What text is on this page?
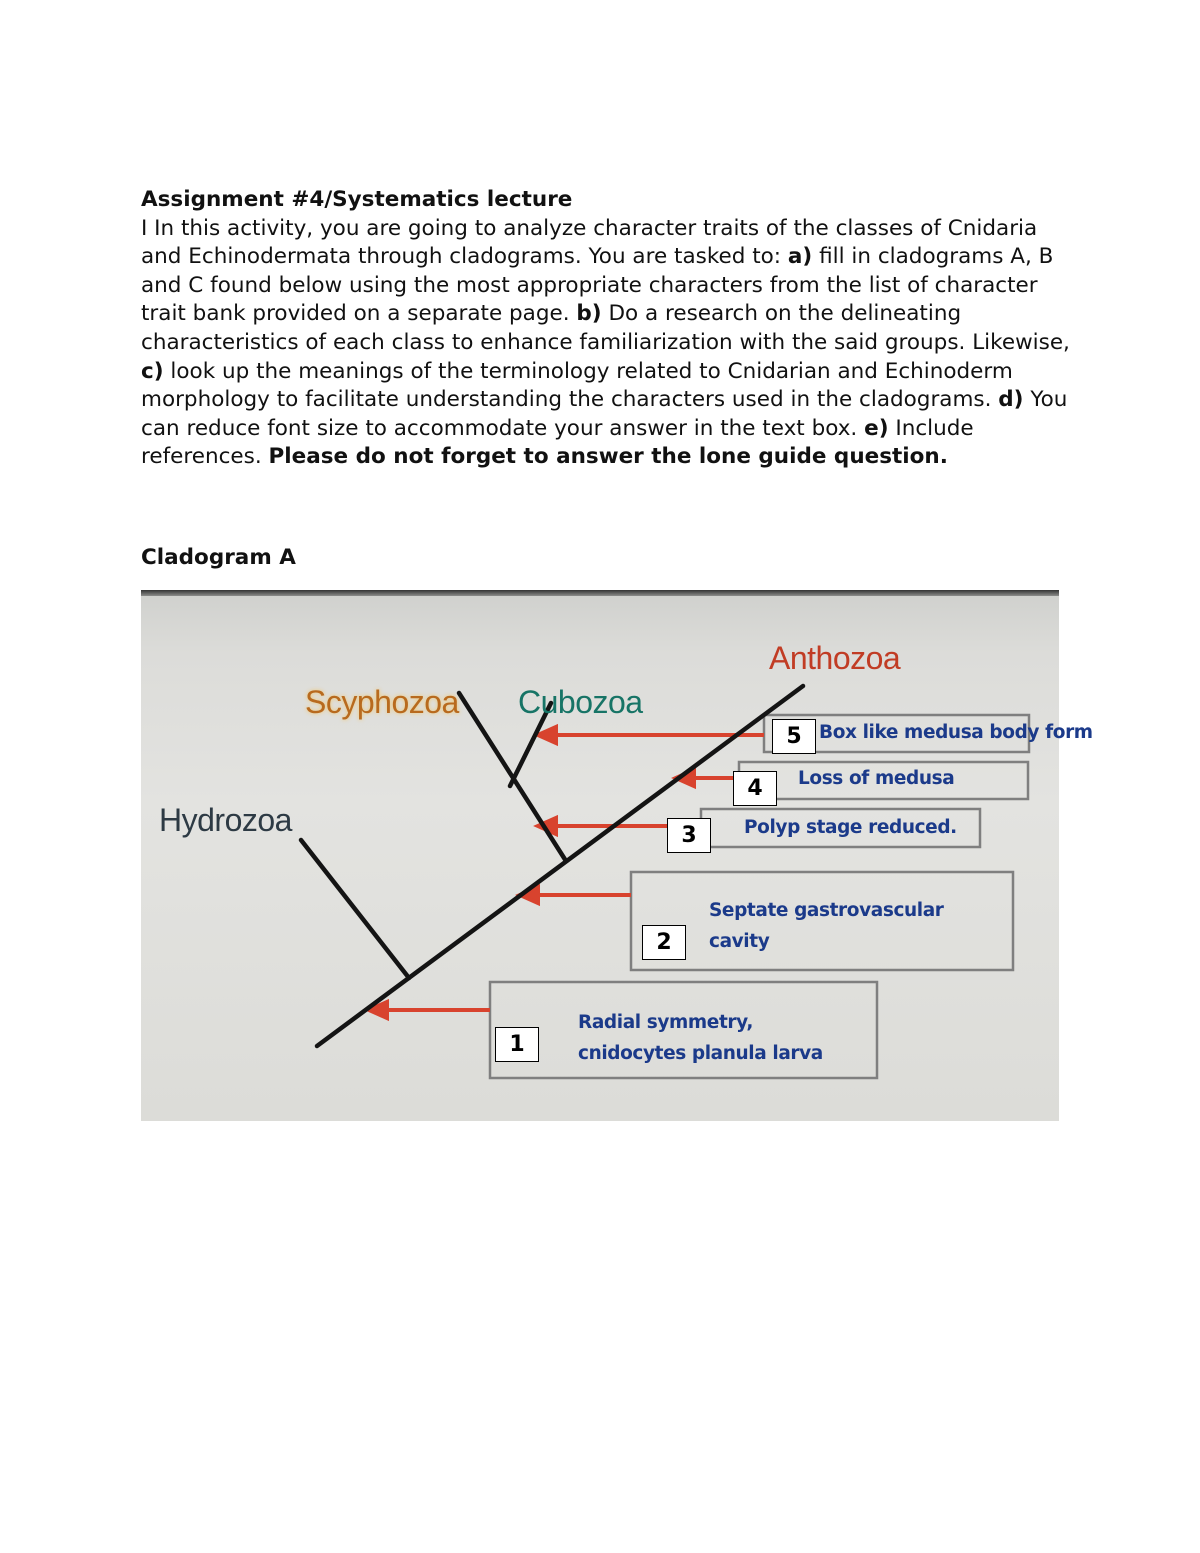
Assignment #4/Systematics lecture
I In this activity, you are going to analyze character traits of the classes of Cnidaria and Echinodermata through cladograms. You are tasked to: a) fill in cladograms A, B and C found below using the most appropriate characters from the list of character trait bank provided on a separate page. b) Do a research on the delineating characteristics of each class to enhance familiarization with the said groups. Likewise, c) look up the meanings of the terminology related to Cnidarian and Echinoderm morphology to facilitate understanding the characters used in the cladograms. d) You can reduce font size to accommodate your answer in the text box. e) Include references. Please do not forget to answer the lone guide question.
Cladogram A
Hydrozoa
Scyphozoa Cubozoa
Anthozoa
1
2
3
4
5
Radial symmetry,
cnidocytes planula larva
Septate gastrovascular
cavity
Polyp stage reduced.
Loss of medusa
Box like medusa body form
